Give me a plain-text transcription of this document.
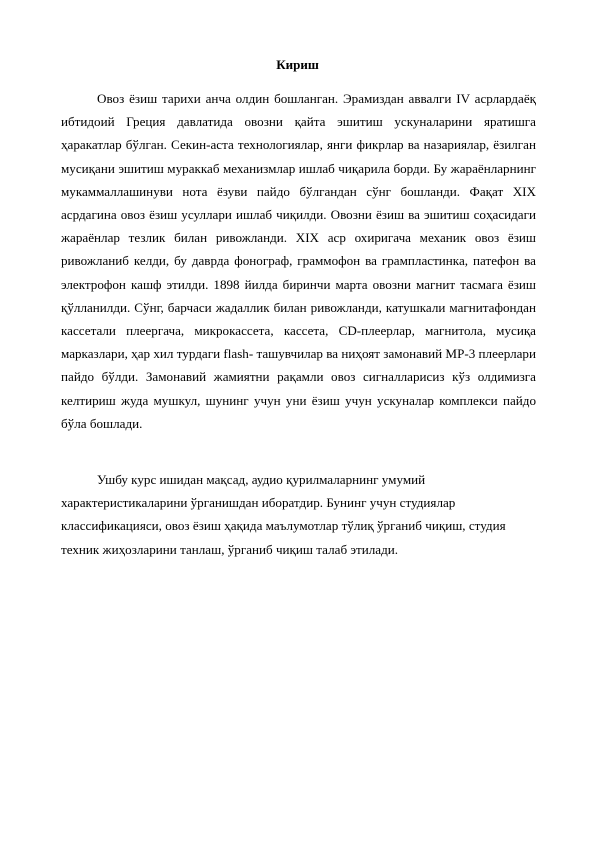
Кириш

Овоз ёзиш тарихи анча олдин бошланган. Эрамиздан аввалги IV асрлардаёқ ибтидоий Греция давлатида овозни қайта эшитиш ускуналарини яратишга ҳаракатлар бўлган. Секин-аста технологиялар, янги фикрлар ва назариялар, ёзилган мусиқани эшитиш мураккаб механизмлар ишлаб чиқарила борди. Бу жараёнларнинг мукаммаллашинуви нота ёзуви пайдо бўлгандан сўнг бошланди. Фақат XIX асрдагина овоз ёзиш усуллари ишлаб чиқилди. Овозни ёзиш ва эшитиш соҳасидаги жараёнлар тезлик билан ривожланди. XIX аср охиригача механик овоз ёзиш ривожланиб келди, бу даврда фонограф, граммофон ва грампластинка, патефон ва электрофон кашф этилди. 1898 йилда биринчи марта овозни магнит тасмага ёзиш қўлланилди. Сўнг, барчаси жадаллик билан ривожланди, катушкали магнитафондан кассетали плеергача, микрокассета, кассета, CD-плеерлар, магнитола, мусиқа марказлари, ҳар хил турдаги flash- ташувчилар ва ниҳоят замонавий MP-3 плеерлари пайдо бўлди. Замонавий жамиятни рақамли овоз сигналларисиз кўз олдимизга келтириш жуда мушкул, шунинг учун уни ёзиш учун ускуналар комплекси пайдо бўла бошлади.

Ушбу курс ишидан мақсад, аудио қурилмаларнинг умумий характеристикаларини ўрганишдан иборатдир. Бунинг учун студиялар классификацияси, овоз ёзиш ҳақида маълумотлар тўлиқ ўрганиб чиқиш, студия техник жиҳозларини танлаш, ўрганиб чиқиш талаб этилади.
